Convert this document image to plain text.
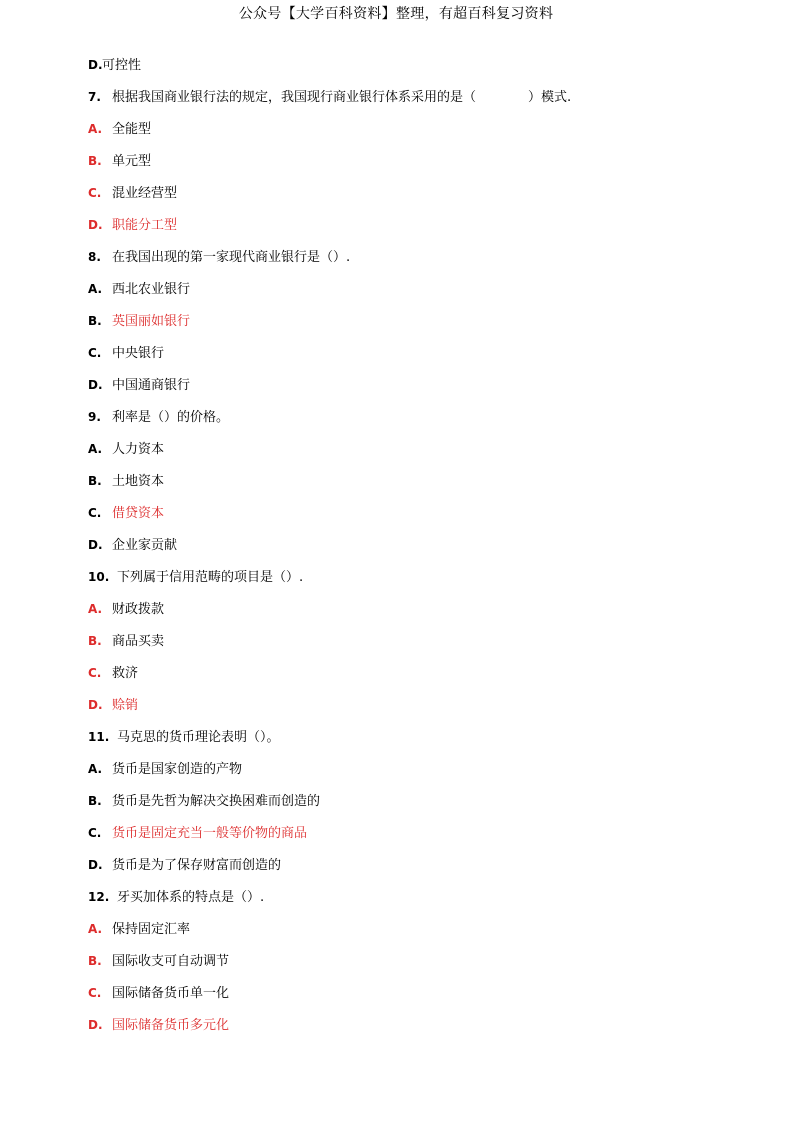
公众号【大学百科资料】整理，有超百科复习资料
D.可控性
7. 根据我国商业银行法的规定，我国现行商业银行体系采用的是（　　　　）模式.
A. 全能型
B. 单元型
C. 混业经营型
D. 职能分工型
8. 在我国出现的第一家现代商业银行是（）.
A. 西北农业银行
B. 英国丽如银行
C. 中央银行
D. 中国通商银行
9. 利率是（）的价格。
A. 人力资本
B. 土地资本
C. 借贷资本
D. 企业家贡献
10. 下列属于信用范畴的项目是（）.
A. 财政拨款
B. 商品买卖
C. 救济
D. 赊销
11. 马克思的货币理论表明（）。
A. 货币是国家创造的产物
B. 货币是先哲为解决交换困难而创造的
C. 货币是固定充当一般等价物的商品
D. 货币是为了保存财富而创造的
12. 牙买加体系的特点是（）.
A. 保持固定汇率
B. 国际收支可自动调节
C. 国际储备货币单一化
D. 国际储备货币多元化
